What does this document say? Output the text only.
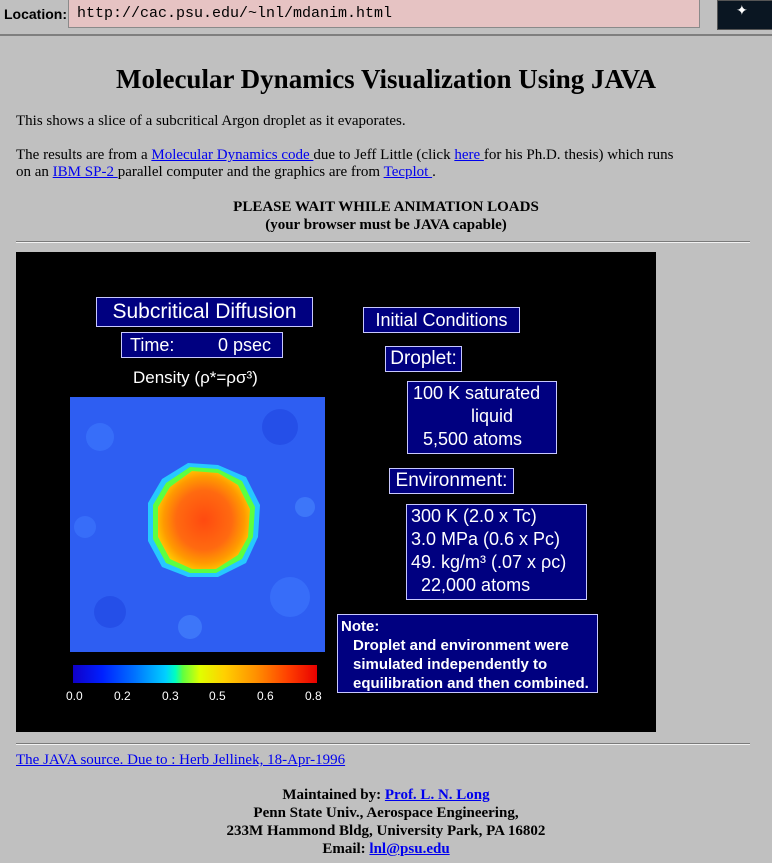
Location: http://cac.psu.edu/~lnl/mdanim.html	✦
Molecular Dynamics Visualization Using JAVA
This shows a slice of a subcritical Argon droplet as it evaporates.
The results are from a Molecular Dynamics code due to Jeff Little (click here for his Ph.D. thesis) which runs
on an IBM SP-2 parallel computer and the graphics are from Tecplot .
PLEASE WAIT WHILE ANIMATION LOADS
(your browser must be JAVA capable)
Subcritical Diffusion
Time: 0 psec
Density (ρ*=ρσ³)
0.0	0.2	0.3	0.5	0.6	0.8
Initial Conditions
Droplet:
100 K saturated
liquid
5,500 atoms
Environment:
300 K (2.0 x Tc)
3.0 MPa (0.6 x Pc)
49. kg/m³ (.07 x ρc)
22,000 atoms
Note:
Droplet and environment were
simulated independently to
equilibration and then combined.
The JAVA source. Due to : Herb Jellinek, 18-Apr-1996
Maintained by: Prof. L. N. Long
Penn State Univ., Aerospace Engineering,
233M Hammond Bldg, University Park, PA 16802
Email: lnl@psu.edu
